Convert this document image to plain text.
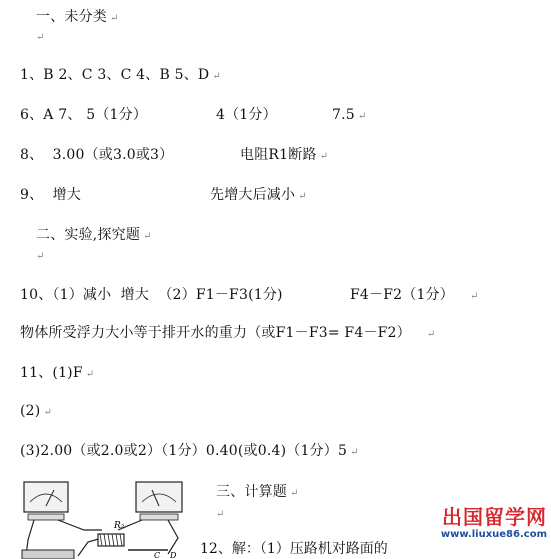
一、未分类 ↵
↵
1、B 2、C 3、C 4、B 5、D ↵
6、A 7、 5（1分）	4（1分）	7.5 ↵
8、  3.00（或3.0或3）	电阻R1断路 ↵
9、  增大	先增大后减小 ↵
二、实验,探究题 ↵
↵
10、（1）减小  增大  （2）F1－F3(1分)	F4－F2（1分） ↵
物体所受浮力大小等于排开水的重力（或F1－F3= F4－F2） ↵
11、(1)F ↵
(2) ↵
(3)2.00（或2.0或2）（1分）0.40(或0.4)（1分）5 ↵
R₂
C D
三、计算题 ↵
↵
12、解：（1）压路机对路面的
出国留学网
www.liuxue86.com
